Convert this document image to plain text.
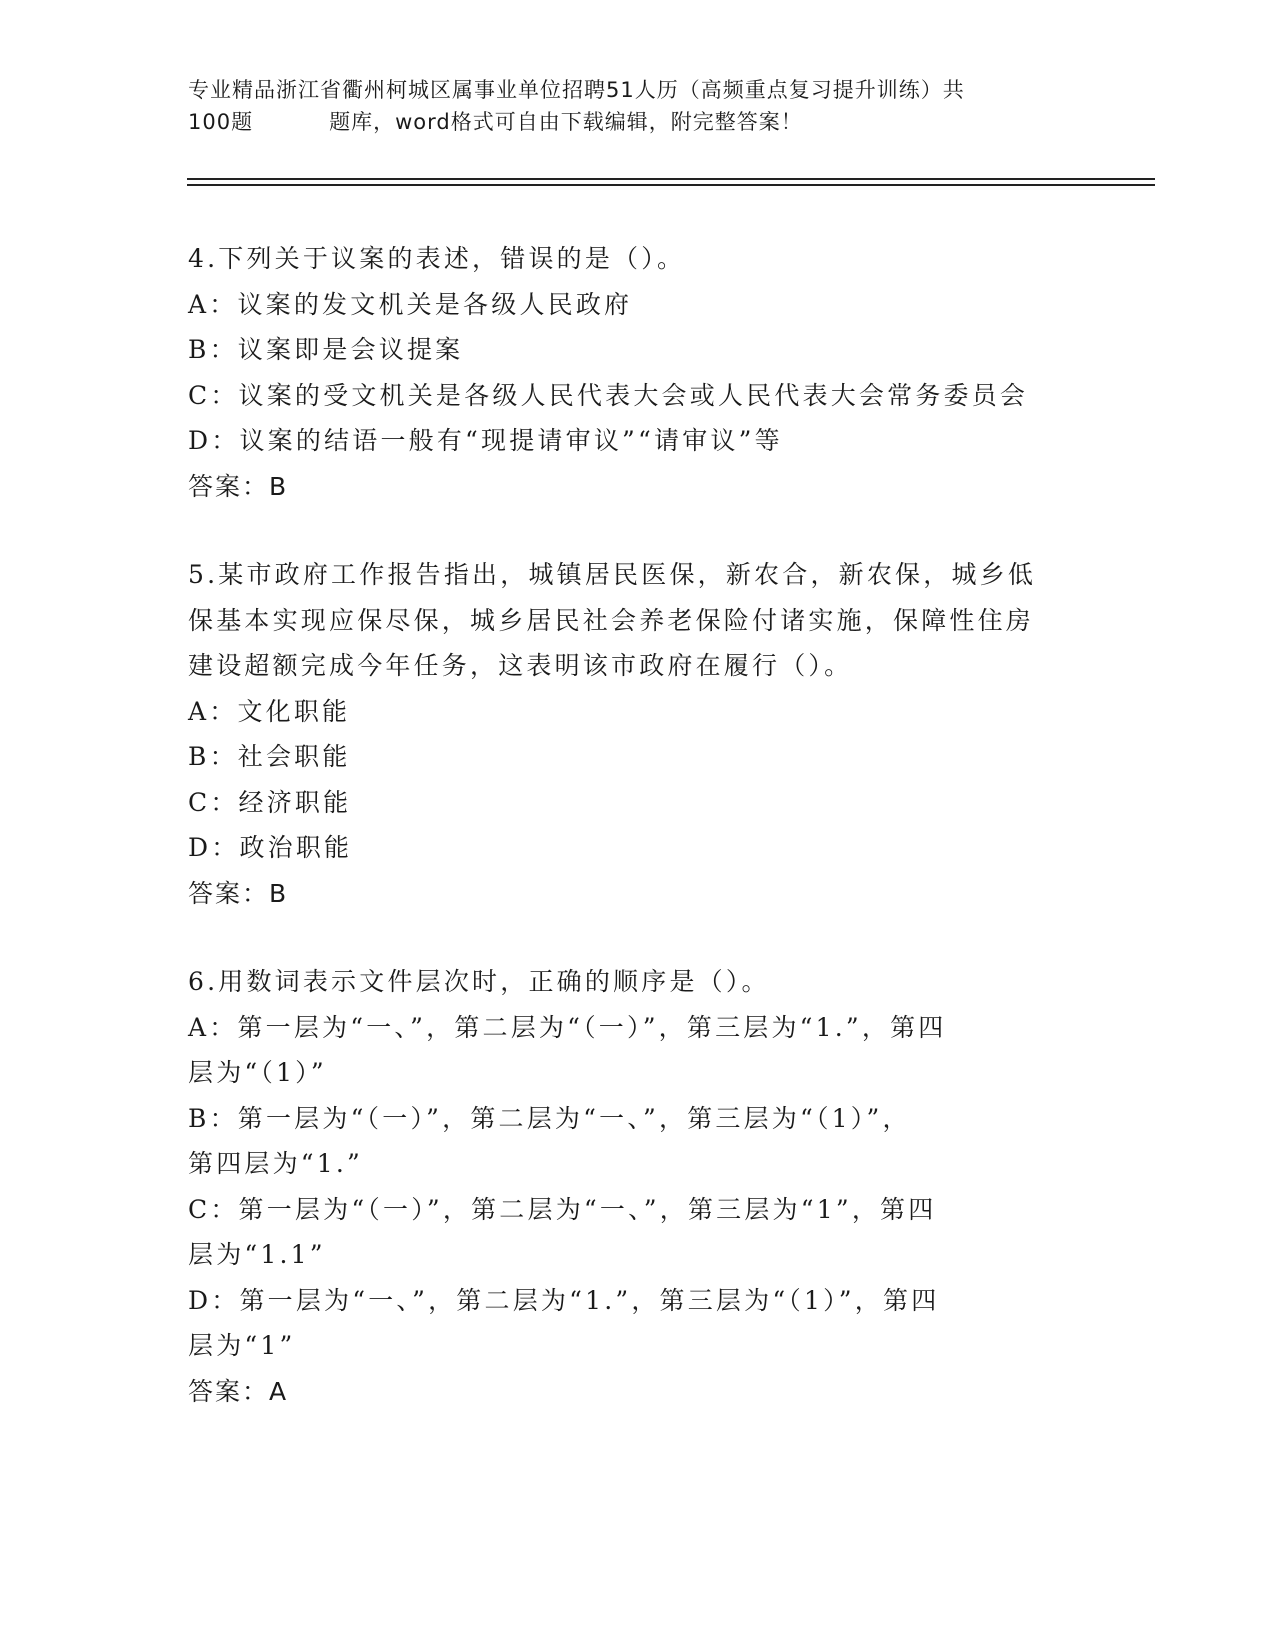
专业精品浙江省衢州柯城区属事业单位招聘51人历（高频重点复习提升训练）共
100题	题库，word格式可自由下载编辑，附完整答案！
4.下列关于议案的表述，错误的是（）。
A：议案的发文机关是各级人民政府
B：议案即是会议提案
C：议案的受文机关是各级人民代表大会或人民代表大会常务委员会
D：议案的结语一般有“现提请审议”“请审议”等
答案：B
5.某市政府工作报告指出，城镇居民医保，新农合，新农保，城乡低
保基本实现应保尽保，城乡居民社会养老保险付诸实施，保障性住房
建设超额完成今年任务，这表明该市政府在履行（）。
A：文化职能
B：社会职能
C：经济职能
D：政治职能
答案：B
6.用数词表示文件层次时，正确的顺序是（）。
A：第一层为“一、”，第二层为“（一）”，第三层为“1.”，第四
层为“（1）”
B：第一层为“（一）”，第二层为“一、”，第三层为“（1）”，
第四层为“1.”
C：第一层为“（一）”，第二层为“一、”，第三层为“1”，第四
层为“1.1”
D：第一层为“一、”，第二层为“1.”，第三层为“（1）”，第四
层为“1”
答案：A
